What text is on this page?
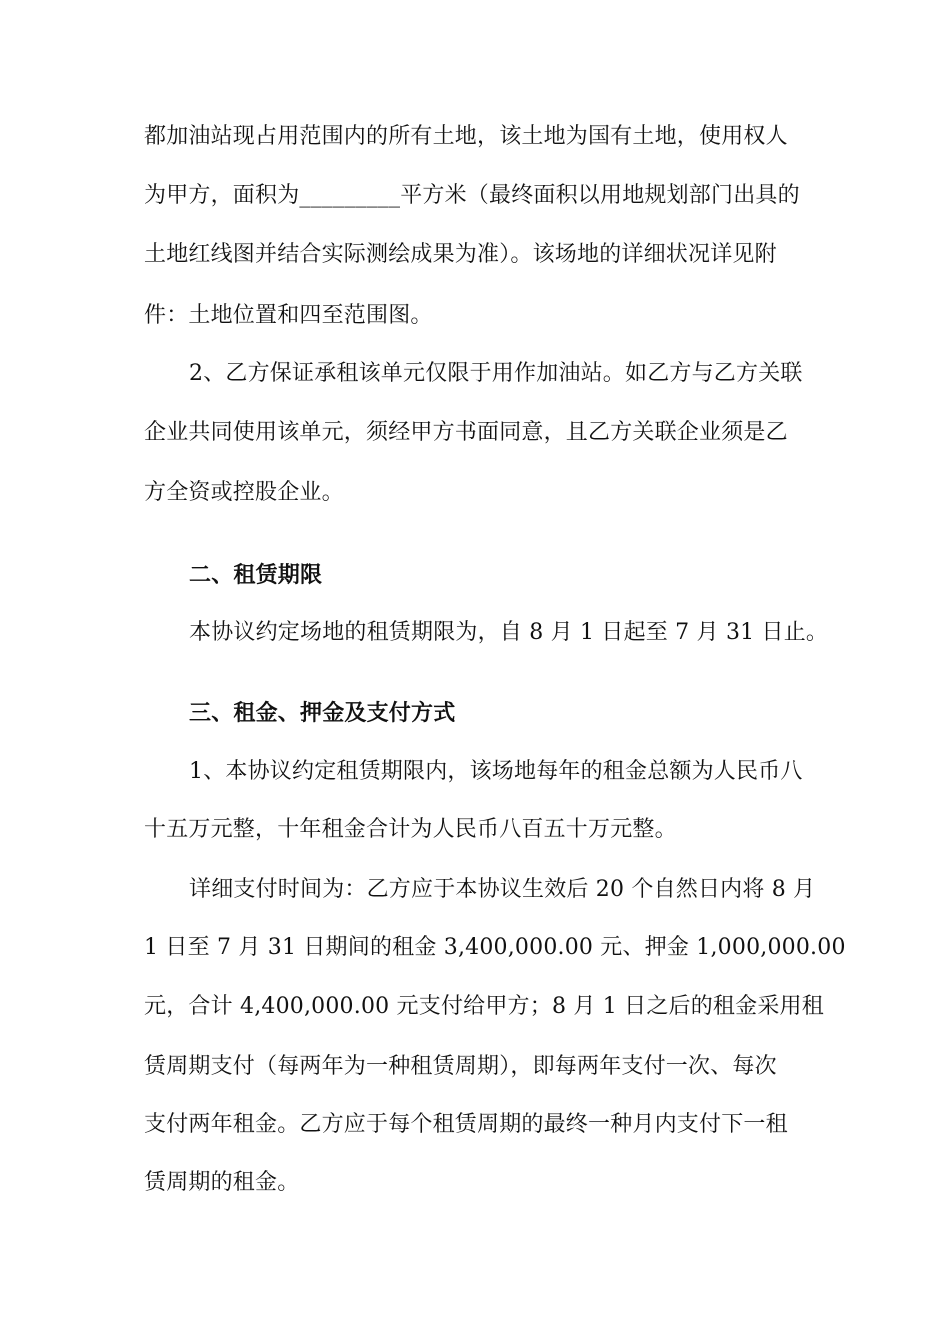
都加油站现占用范围内的所有土地，该土地为国有土地，使用权人
为甲方，面积为_________平方米（最终面积以用地规划部门出具的
土地红线图并结合实际测绘成果为准）。该场地的详细状况详见附
件：土地位置和四至范围图。
2、乙方保证承租该单元仅限于用作加油站。如乙方与乙方关联
企业共同使用该单元，须经甲方书面同意，且乙方关联企业须是乙
方全资或控股企业。
二、租赁期限
本协议约定场地的租赁期限为，自 8 月 1 日起至 7 月 31 日止。
三、租金、押金及支付方式
1、本协议约定租赁期限内，该场地每年的租金总额为人民币八
十五万元整，十年租金合计为人民币八百五十万元整。
详细支付时间为：乙方应于本协议生效后 20 个自然日内将 8 月
1 日至 7 月 31 日期间的租金 3,400,000.00 元、押金 1,000,000.00
元，合计 4,400,000.00 元支付给甲方；8 月 1 日之后的租金采用租
赁周期支付（每两年为一种租赁周期），即每两年支付一次、每次
支付两年租金。乙方应于每个租赁周期的最终一种月内支付下一租
赁周期的租金。
